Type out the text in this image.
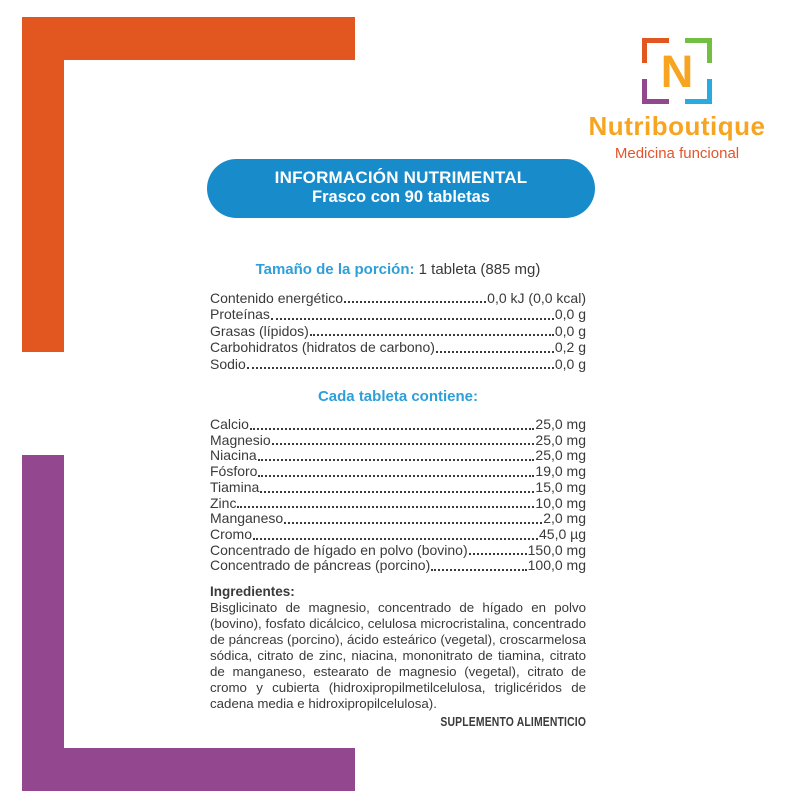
N
Nutriboutique
Medicina funcional
INFORMACIÓN NUTRIMENTAL
Frasco con 90 tabletas
Tamaño de la porción: 1 tableta (885 mg)
Contenido energético	0,0 kJ (0,0 kcal)
Proteínas	0,0 g
Grasas (lípidos)	0,0 g
Carbohidratos (hidratos de carbono)	0,2 g
Sodio	0,0 g
Cada tableta contiene:
Calcio	25,0 mg
Magnesio	25,0 mg
Niacina	25,0 mg
Fósforo	19,0 mg
Tiamina	15,0 mg
Zinc	10,0 mg
Manganeso	2,0 mg
Cromo	45,0 µg
Concentrado de hígado en polvo (bovino)	150,0 mg
Concentrado de páncreas (porcino)	100,0 mg
Ingredientes:
Bisglicinato de magnesio, concentrado de hígado en polvo (bovino), fosfato dicálcico, celulosa microcristalina, concentrado de páncreas (porcino), ácido esteárico (vegetal), croscarmelosa sódica, citrato de zinc, niacina, mononitrato de tiamina, citrato de manganeso, estearato de magnesio (vegetal), citrato de cromo y cubierta (hidroxipropilmetilcelulosa, triglicéridos de cadena media e hidroxipropilcelulosa).
SUPLEMENTO ALIMENTICIO
